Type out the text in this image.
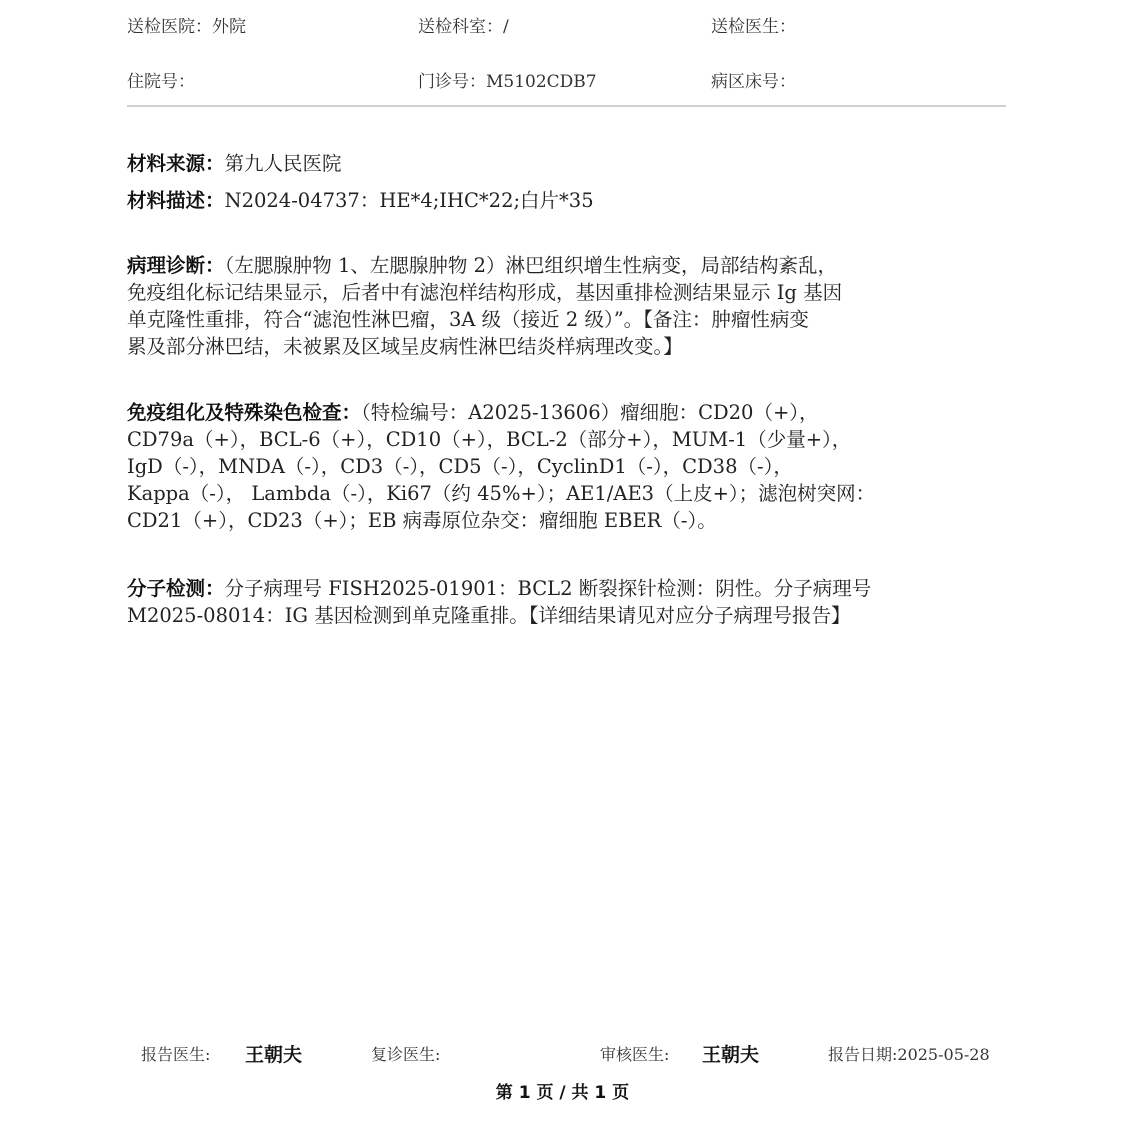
送检医院：外院	送检科室：/	送检医生：
住院号：	门诊号：M5102CDB7	病区床号：
材料来源：第九人民医院
材料描述：N2024-04737：HE*4;IHC*22;白片*35
病理诊断：（左腮腺肿物 1、左腮腺肿物 2）淋巴组织增生性病变，局部结构紊乱，
免疫组化标记结果显示，后者中有滤泡样结构形成，基因重排检测结果显示 Ig 基因
单克隆性重排，符合“滤泡性淋巴瘤，3A 级（接近 2 级）”。【备注：肿瘤性病变
累及部分淋巴结，未被累及区域呈皮病性淋巴结炎样病理改变。】
免疫组化及特殊染色检查：（特检编号：A2025-13606）瘤细胞：CD20（+），
CD79a（+），BCL-6（+），CD10（+），BCL-2（部分+），MUM-1（少量+），
IgD（-），MNDA（-），CD3（-），CD5（-），CyclinD1（-），CD38（-），
Kappa（-）， Lambda（-），Ki67（约 45%+）；AE1/AE3（上皮+）；滤泡树突网：
CD21（+），CD23（+）；EB 病毒原位杂交：瘤细胞 EBER（-）。
分子检测：分子病理号 FISH2025-01901：BCL2 断裂探针检测：阴性。分子病理号
M2025-08014：IG 基因检测到单克隆重排。【详细结果请见对应分子病理号报告】
报告医生: 王朝夫	复诊医生:	审核医生: 王朝夫	报告日期:2025-05-28
第 1 页 / 共 1 页
